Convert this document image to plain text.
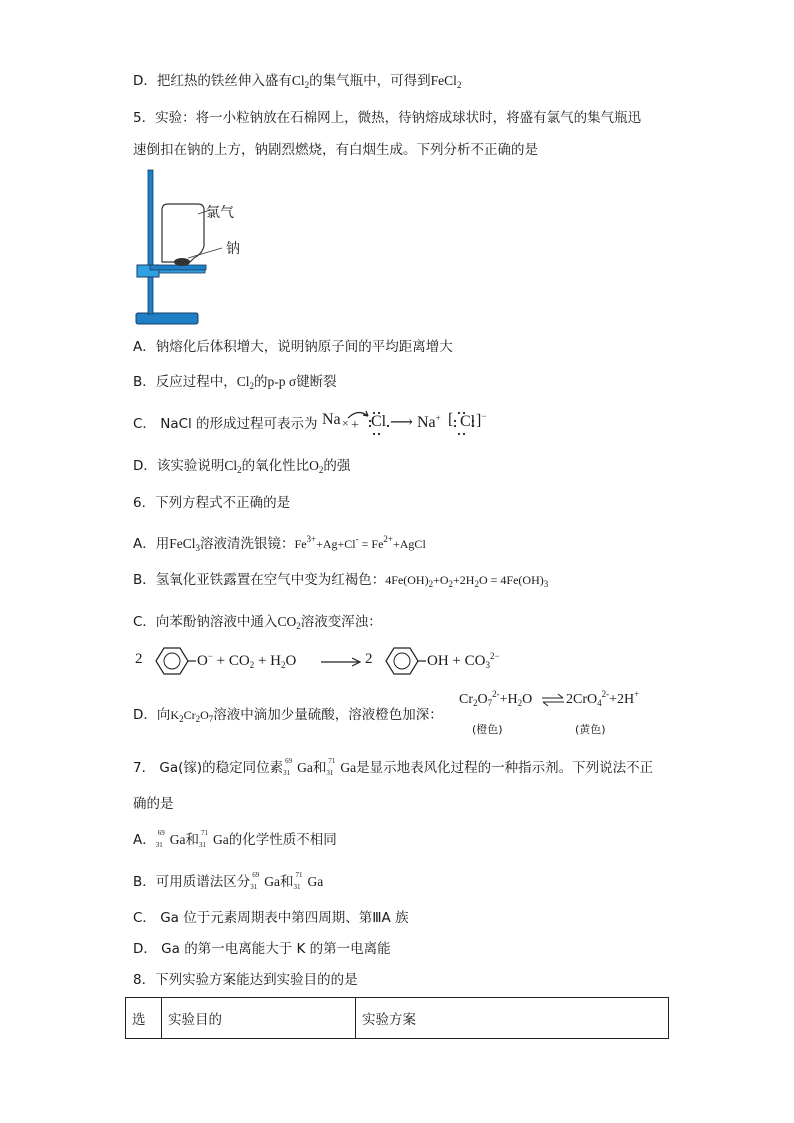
D．把红热的铁丝伸入盛有$Cl_2$的集气瓶中，可得到FeCl$_2$
5．实验：将一小粒钠放在石棉网上，微热，待钠熔成球状时，将盛有氯气的集气瓶迅
速倒扣在钠的上方，钠剧烈燃烧，有白烟生成。下列分析不正确的是
氯气
钠
A．钠熔化后体积增大，说明钠原子间的平均距离增大
B．反应过程中，$Cl_2$的p-p σ键断裂
C． NaCl 的形成过程可表示为 Na × + Cl ⟶ Na+ [ Cl ]−
D．该实验说明$Cl_2$的氧化性比$O_2$的强
6．下列方程式不正确的是
A．用FeCl$_3$溶液清洗银镜：$Fe^{3+}+Ag+Cl^-$ = $Fe^{2+}+AgCl$
B．氢氧化亚铁露置在空气中变为红褐色：$4Fe(OH)_2+O_2+2H_2O = 4Fe(OH)_3$
C．向苯酚钠溶液中通入$CO_2$溶液变浑浊：
2	$O^- + CO_2 + H_2O \to 2$	OH + $CO_3^{2-}$
D．向$K_2Cr_2O_7$溶液中滴加少量硫酸，溶液橙色加深：
$Cr_2O_7^{2-}+H_2O$ ⇌ 2CrO$_4^{2-}$+2H+
(橙色)	(黄色)
7． Ga(镓)的稳定同位素 69
31 Ga和 71
31 Ga是显示地表风化过程的一种指示剂。下列说法不正
确的是
A． 69
31 Ga和 71
31 Ga的化学性质不相同
B．可用质谱法区分 69
31 Ga和 71
31 Ga
C． Ga 位于元素周期表中第四周期、第ⅢA 族
D． Ga 的第一电离能大于 K 的第一电离能
8．下列实验方案能达到实验目的的是
选	实验目的	实验方案
